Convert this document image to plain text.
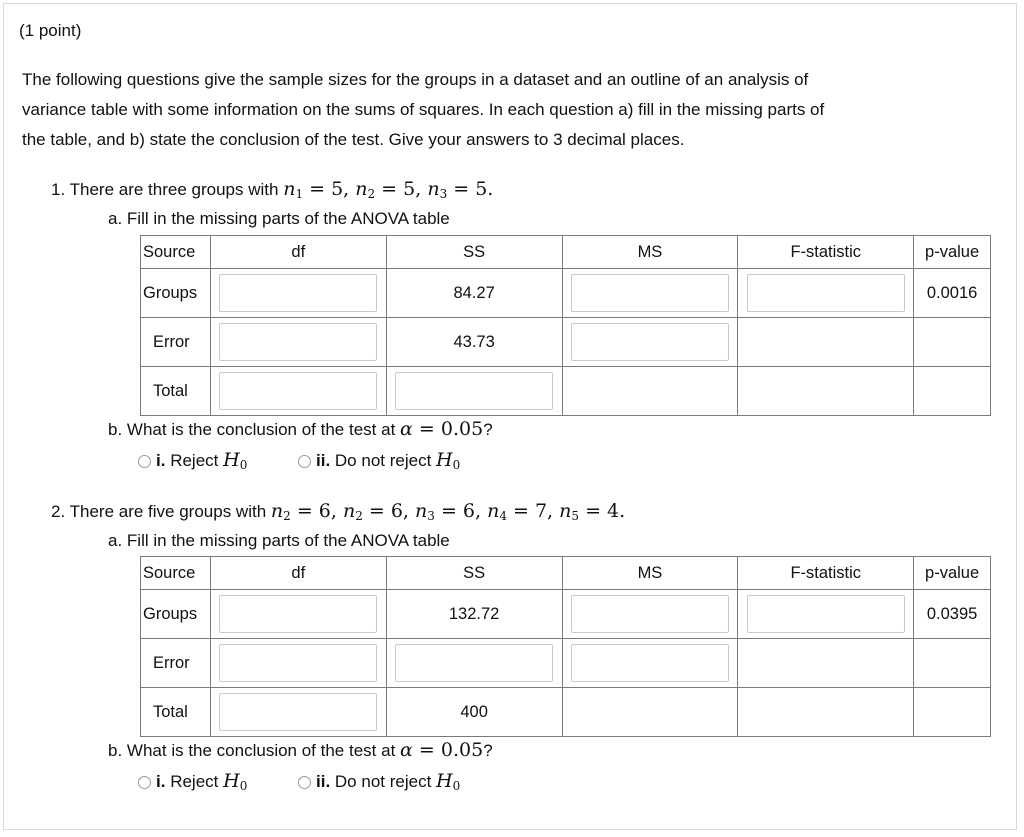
(1 point)
The following questions give the sample sizes for the groups in a dataset and an outline of an analysis of
variance table with some information on the sums of squares. In each question a) fill in the missing parts of
the table, and b) state the conclusion of the test. Give your answers to 3 decimal places.
1. There are three groups with $n_1 = 5$, $n_2 = 5$, $n_3 = 5$.
a. Fill in the missing parts of the ANOVA table
Source	df	SS	MS	F-statistic	p-value
Groups		84.27			0.0016
Error		43.73	

Total	

b. What is the conclusion of the test at α = 0.05?
i. Reject $H_0$	ii. Do not reject $H_0$
2. There are five groups with $n_2 = 6$, $n_2 = 6$, $n_3 = 6$, $n_4 = 7$, $n_5 = 4$.
a. Fill in the missing parts of the ANOVA table
Source	df	SS	MS	F-statistic	p-value
Groups		132.72			0.0395
Error	

Total		400			
b. What is the conclusion of the test at α = 0.05?
i. Reject $H_0$	ii. Do not reject $H_0$
